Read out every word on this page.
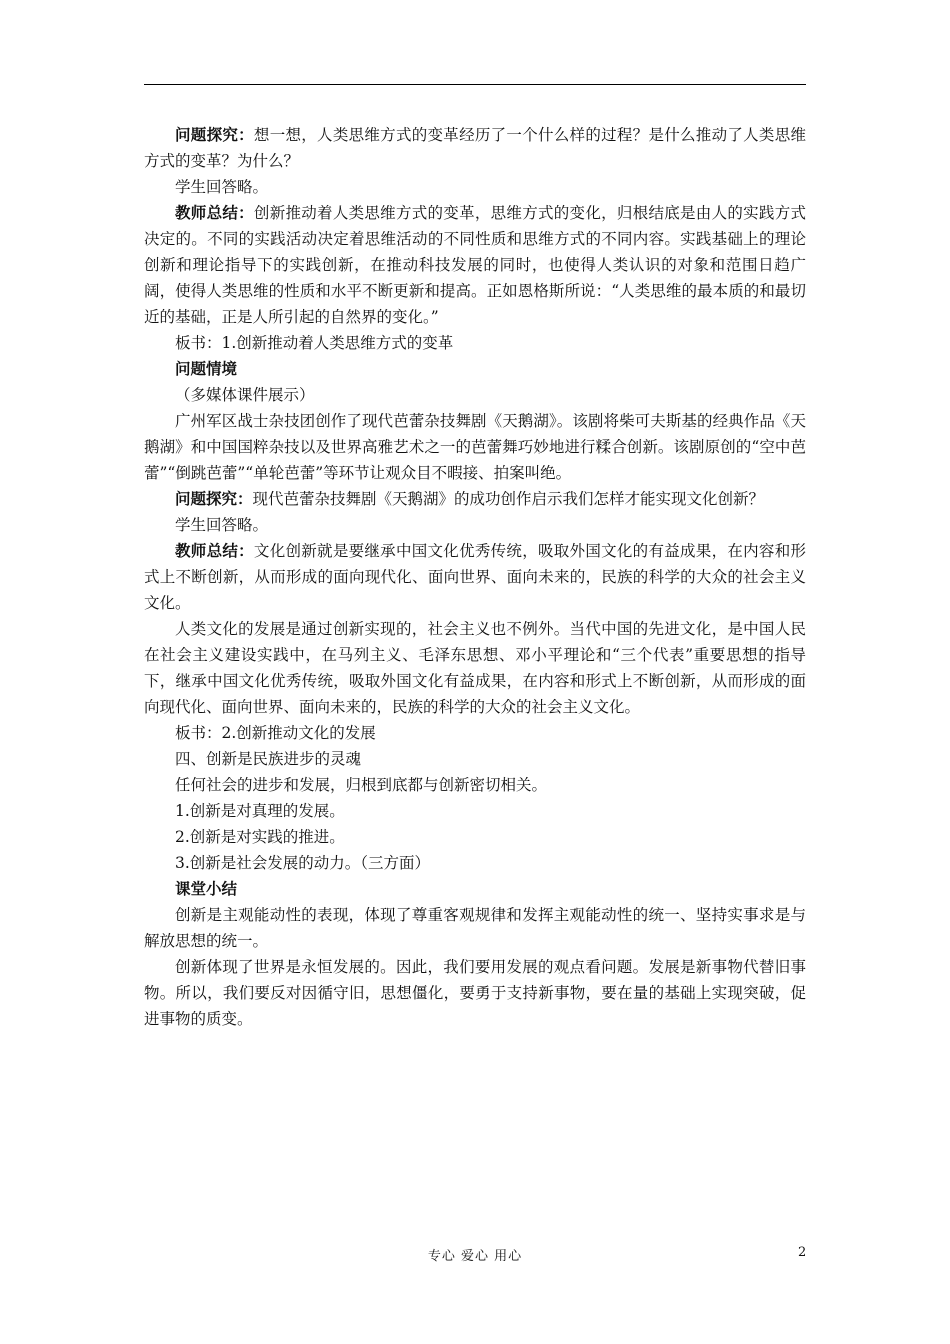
问题探究：想一想，人类思维方式的变革经历了一个什么样的过程？是什么推动了人类思维方式的变革？为什么？

学生回答略。

教师总结：创新推动着人类思维方式的变革，思维方式的变化，归根结底是由人的实践方式决定的。不同的实践活动决定着思维活动的不同性质和思维方式的不同内容。实践基础上的理论创新和理论指导下的实践创新，在推动科技发展的同时，也使得人类认识的对象和范围日趋广阔，使得人类思维的性质和水平不断更新和提高。正如恩格斯所说：“人类思维的最本质的和最切近的基础，正是人所引起的自然界的变化。”

板书：1.创新推动着人类思维方式的变革

问题情境

（多媒体课件展示）

广州军区战士杂技团创作了现代芭蕾杂技舞剧《天鹅湖》。该剧将柴可夫斯基的经典作品《天鹅湖》和中国国粹杂技以及世界高雅艺术之一的芭蕾舞巧妙地进行糅合创新。该剧原创的“空中芭蕾”“倒跳芭蕾”“单轮芭蕾”等环节让观众目不暇接、拍案叫绝。

问题探究：现代芭蕾杂技舞剧《天鹅湖》的成功创作启示我们怎样才能实现文化创新？

学生回答略。

教师总结：文化创新就是要继承中国文化优秀传统，吸取外国文化的有益成果，在内容和形式上不断创新，从而形成的面向现代化、面向世界、面向未来的，民族的科学的大众的社会主义文化。

人类文化的发展是通过创新实现的，社会主义也不例外。当代中国的先进文化，是中国人民在社会主义建设实践中，在马列主义、毛泽东思想、邓小平理论和“三个代表”重要思想的指导下，继承中国文化优秀传统，吸取外国文化有益成果，在内容和形式上不断创新，从而形成的面向现代化、面向世界、面向未来的，民族的科学的大众的社会主义文化。

板书：2.创新推动文化的发展

四、创新是民族进步的灵魂

任何社会的进步和发展，归根到底都与创新密切相关。

1.创新是对真理的发展。

2.创新是对实践的推进。

3.创新是社会发展的动力。（三方面）

课堂小结

创新是主观能动性的表现，体现了尊重客观规律和发挥主观能动性的统一、坚持实事求是与解放思想的统一。

创新体现了世界是永恒发展的。因此，我们要用发展的观点看问题。发展是新事物代替旧事物。所以，我们要反对因循守旧，思想僵化，要勇于支持新事物，要在量的基础上实现突破，促进事物的质变。

专心 爱心 用心	2
